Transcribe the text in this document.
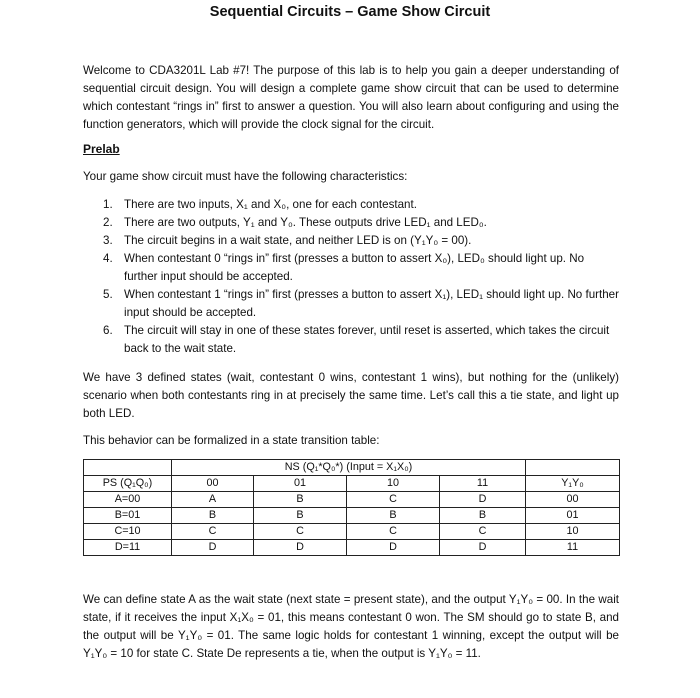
Sequential Circuits – Game Show Circuit
Welcome to CDA3201L Lab #7! The purpose of this lab is to help you gain a deeper understanding of sequential circuit design. You will design a complete game show circuit that can be used to determine which contestant “rings in” first to answer a question. You will also learn about configuring and using the function generators, which will provide the clock signal for the circuit.
Prelab
Your game show circuit must have the following characteristics:
1. There are two inputs, X₁ and X₀, one for each contestant.
2. There are two outputs, Y₁ and Y₀. These outputs drive LED₁ and LED₀.
3. The circuit begins in a wait state, and neither LED is on (Y₁Y₀ = 00).
4. When contestant 0 “rings in” first (presses a button to assert X₀), LED₀ should light up. No further input should be accepted.
5. When contestant 1 “rings in” first (presses a button to assert X₁), LED₁ should light up. No further input should be accepted.
6. The circuit will stay in one of these states forever, until reset is asserted, which takes the circuit back to the wait state.
We have 3 defined states (wait, contestant 0 wins, contestant 1 wins), but nothing for the (unlikely) scenario when both contestants ring in at precisely the same time. Let’s call this a tie state, and light up both LED.
This behavior can be formalized in a state transition table:
	NS (Q₁*Q₀*) (Input = X₁X₀)				
PS (Q₁Q₀)	00	01	10	11	Y₁Y₀
A=00	A	B	C	D	00
B=01	B	B	B	B	01
C=10	C	C	C	C	10
D=11	D	D	D	D	11
We can define state A as the wait state (next state = present state), and the output Y₁Y₀ = 00. In the wait state, if it receives the input X₁X₀ = 01, this means contestant 0 won. The SM should go to state B, and the output will be Y₁Y₀ = 01. The same logic holds for contestant 1 winning, except the output will be Y₁Y₀ = 10 for state C. State De represents a tie, when the output is Y₁Y₀ = 11.
